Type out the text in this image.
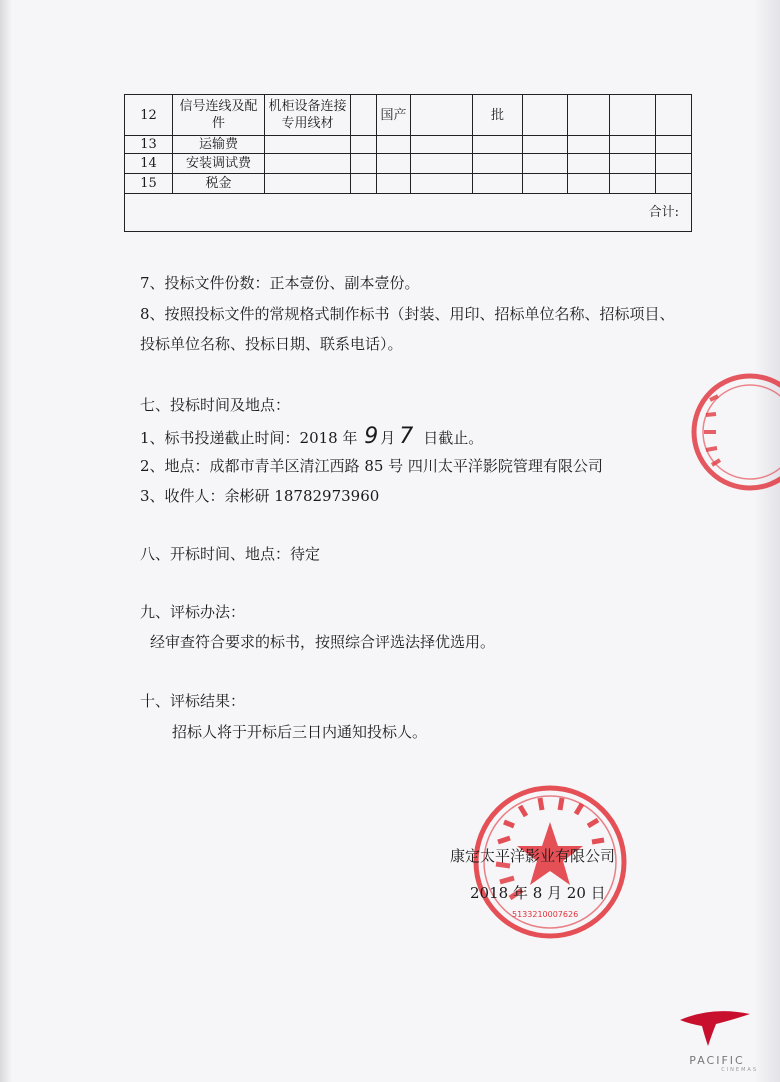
12	信号连线及配件	机柜设备连接专用线材		国产		批				
13	运输费									
14	安装调试费									
15	税金									
合计:										
7、投标文件份数：正本壹份、副本壹份。
8、按照投标文件的常规格式制作标书（封装、用印、招标单位名称、招标项目、
投标单位名称、投标日期、联系电话）。
七、投标时间及地点：
1、标书投递截止时间：2018 年 9 月 7 日截止。
2、地点：成都市青羊区清江西路 85 号 四川太平洋影院管理有限公司
3、收件人：余彬研 18782973960
八、开标时间、地点：待定
九、评标办法：
经审查符合要求的标书，按照综合评选法择优选用。
十、评标结果：
招标人将于开标后三日内通知投标人。
5133210007626
康定太平洋影业有限公司
2018 年 8 月 20 日
PACIFIC
CINEMAS
